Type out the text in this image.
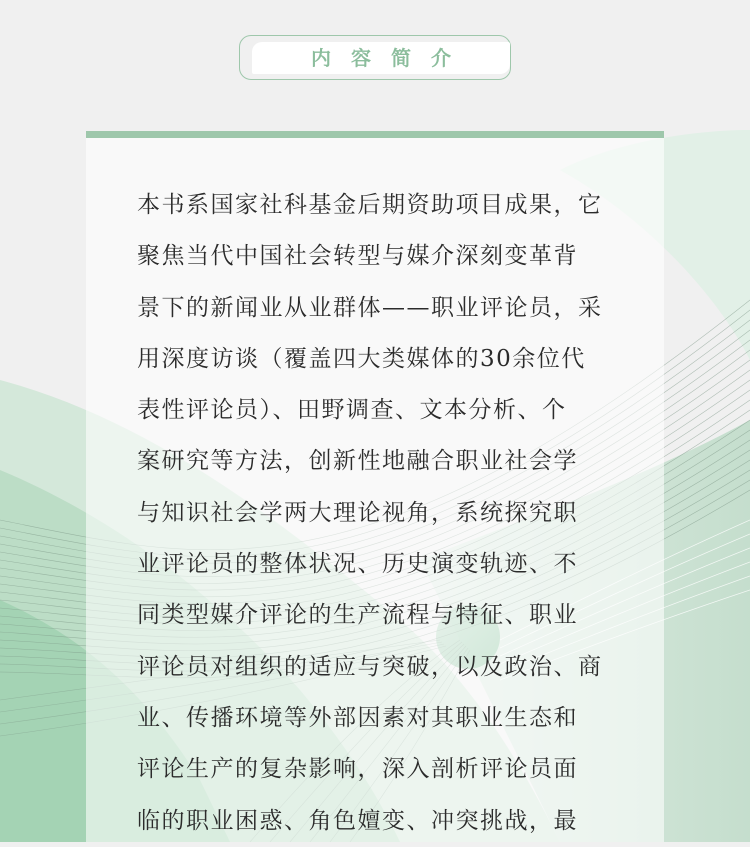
内容简介
本书系国家社科基金后期资助项目成果，它
聚焦当代中国社会转型与媒介深刻变革背
景下的新闻业从业群体——职业评论员，采
用深度访谈（覆盖四大类媒体的30余位代
表性评论员）、田野调查、文本分析、个
案研究等方法，创新性地融合职业社会学
与知识社会学两大理论视角，系统探究职
业评论员的整体状况、历史演变轨迹、不
同类型媒介评论的生产流程与特征、职业
评论员对组织的适应与突破，以及政治、商
业、传播环境等外部因素对其职业生态和
评论生产的复杂影响，深入剖析评论员面
临的职业困惑、角色嬗变、冲突挑战，最
